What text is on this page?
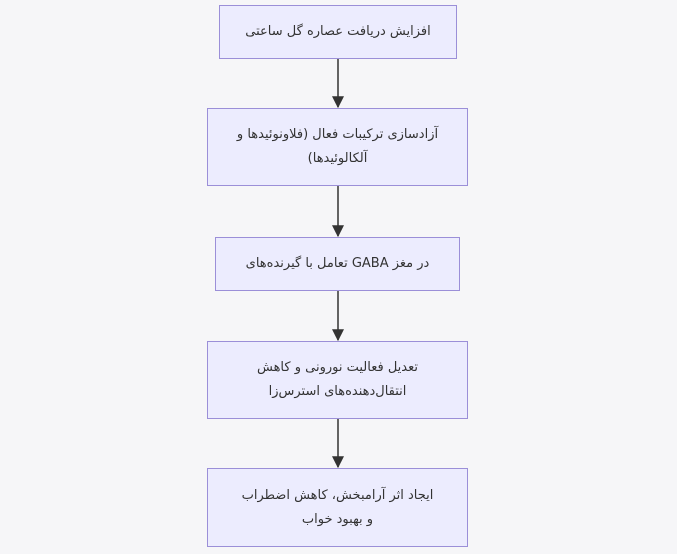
افزایش دریافت عصاره گل ساعتی
آزادسازی ترکیبات فعال (فلاونوئیدها و
آلکالوئیدها)
در مغز GABA تعامل با گیرنده‌های
تعدیل فعالیت نورونی و کاهش
انتقال‌دهنده‌های استرس‌زا
ایجاد اثر آرامبخش، کاهش اضطراب
و بهبود خواب
